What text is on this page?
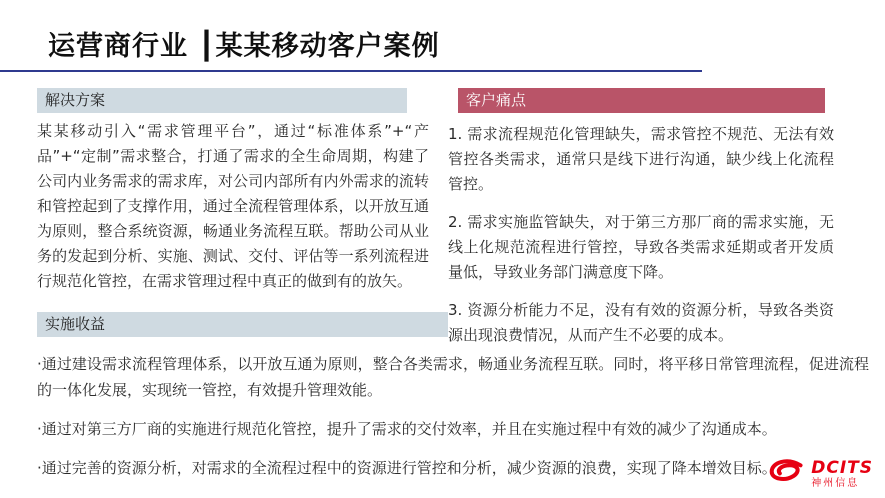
运营商行业 ┃某某移动客户案例
解决方案

某某移动引入“需求管理平台”，通过“标准体系”+“产品”+“定制”需求整合，打通了需求的全生命周期，构建了公司内业务需求的需求库，对公司内部所有内外需求的流转和管控起到了支撑作用，通过全流程管理体系，以开放互通为原则，整合系统资源，畅通业务流程互联。帮助公司从业务的发起到分析、实施、测试、交付、评估等一系列流程进行规范化管控，在需求管理过程中真正的做到有的放矢。

客户痛点

1. 需求流程规范化管理缺失，需求管控不规范、无法有效管控各类需求，通常只是线下进行沟通，缺少线上化流程管控。

2. 需求实施监管缺失，对于第三方那厂商的需求实施，无线上化规范流程进行管控，导致各类需求延期或者开发质量低，导致业务部门满意度下降。

3. 资源分析能力不足，没有有效的资源分析，导致各类资源出现浪费情况，从而产生不必要的成本。

实施收益

·通过建设需求流程管理体系，以开放互通为原则，整合各类需求，畅通业务流程互联。同时，将平移日常管理流程，促进流程的一体化发展，实现统一管控，有效提升管理效能。

·通过对第三方厂商的实施进行规范化管控，提升了需求的交付效率，并且在实施过程中有效的减少了沟通成本。

·通过完善的资源分析，对需求的全流程过程中的资源进行管控和分析，减少资源的浪费，实现了降本增效目标。	DCITS
神州信息
